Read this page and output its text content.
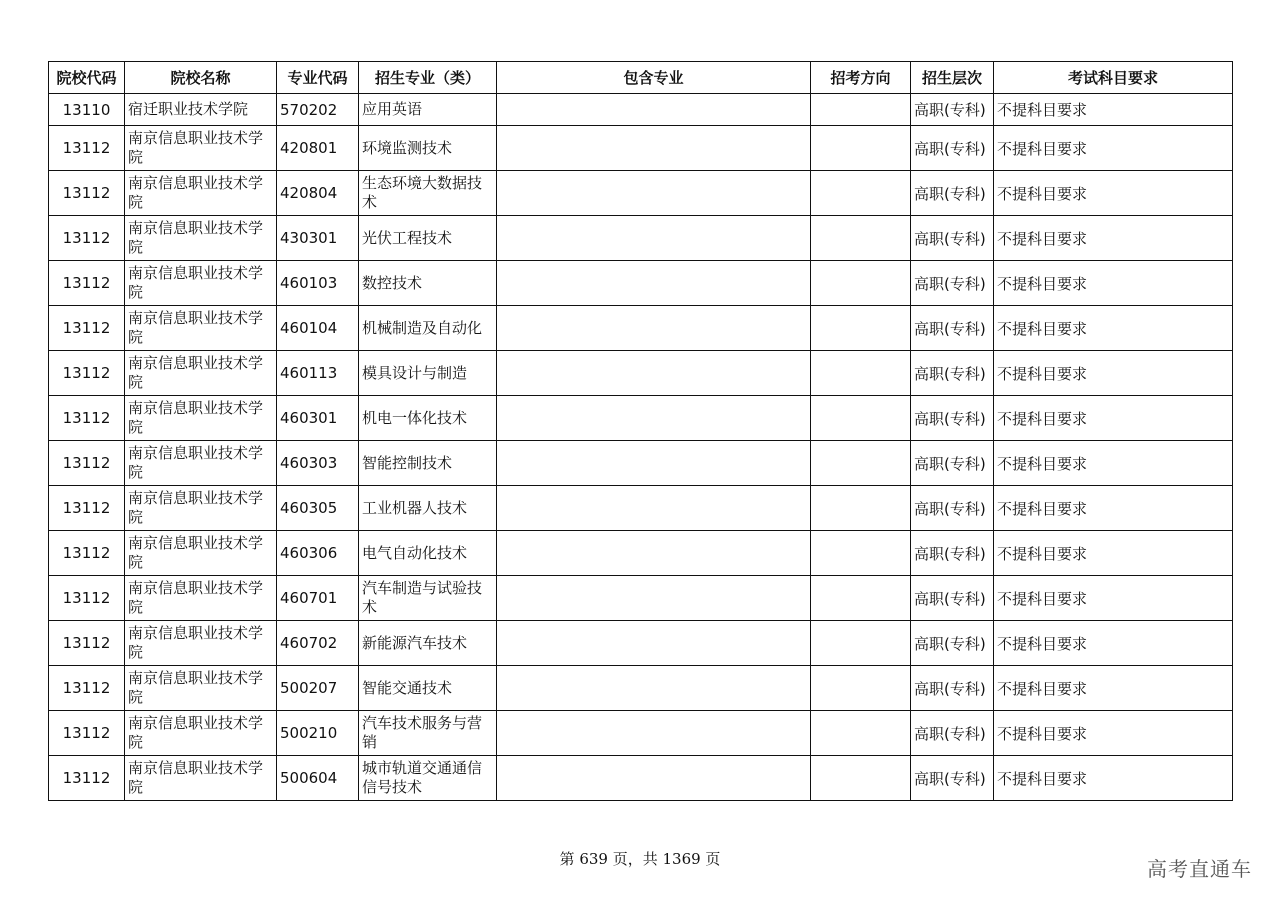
院校代码	院校名称	专业代码	招生专业（类）	包含专业	招考方向	招生层次	考试科目要求
13110	宿迁职业技术学院	570202	应用英语			高职(专科)	不提科目要求
13112	南京信息职业技术学院	420801	环境监测技术			高职(专科)	不提科目要求
13112	南京信息职业技术学院	420804	生态环境大数据技术			高职(专科)	不提科目要求
13112	南京信息职业技术学院	430301	光伏工程技术			高职(专科)	不提科目要求
13112	南京信息职业技术学院	460103	数控技术			高职(专科)	不提科目要求
13112	南京信息职业技术学院	460104	机械制造及自动化			高职(专科)	不提科目要求
13112	南京信息职业技术学院	460113	模具设计与制造			高职(专科)	不提科目要求
13112	南京信息职业技术学院	460301	机电一体化技术			高职(专科)	不提科目要求
13112	南京信息职业技术学院	460303	智能控制技术			高职(专科)	不提科目要求
13112	南京信息职业技术学院	460305	工业机器人技术			高职(专科)	不提科目要求
13112	南京信息职业技术学院	460306	电气自动化技术			高职(专科)	不提科目要求
13112	南京信息职业技术学院	460701	汽车制造与试验技术			高职(专科)	不提科目要求
13112	南京信息职业技术学院	460702	新能源汽车技术			高职(专科)	不提科目要求
13112	南京信息职业技术学院	500207	智能交通技术			高职(专科)	不提科目要求
13112	南京信息职业技术学院	500210	汽车技术服务与营销			高职(专科)	不提科目要求
13112	南京信息职业技术学院	500604	城市轨道交通通信信号技术			高职(专科)	不提科目要求
第 639 页，共 1369 页	高考直通车
